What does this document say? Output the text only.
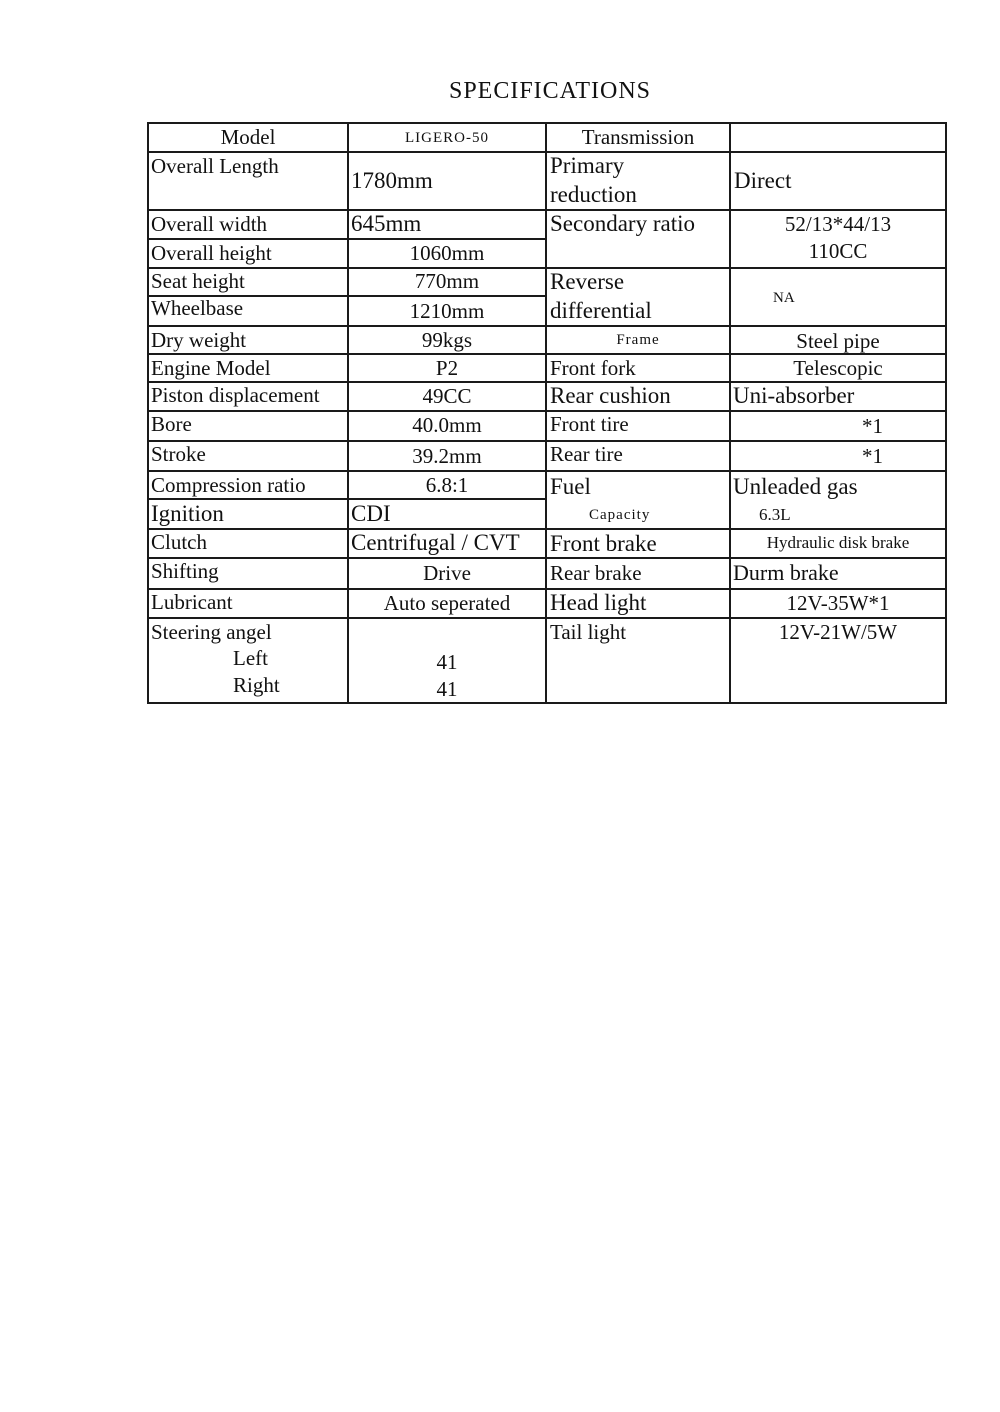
SPECIFICATIONS
Model
Overall Length
Overall width
Overall height
Seat height
Wheelbase
Dry weight
Engine Model
Piston displacement
Bore
Stroke
Compression ratio
Ignition
Clutch
Shifting
Lubricant
Steering angel
Left
Right
LIGERO-50
1780mm
645mm
1060mm
770mm
1210mm
99kgs
P2
49CC
40.0mm
39.2mm
6.8:1
CDI
Centrifugal / CVT
Drive
Auto seperated
41
41
Transmission
Primary
reduction
Secondary ratio
Reverse
differential
Frame
Front fork
Rear cushion
Front tire
Rear tire
Fuel
Capacity
Front brake
Rear brake
Head light
Tail light
Direct
52/13*44/13
110CC
NA
Steel pipe
Telescopic
Uni-absorber
*1
*1
Unleaded gas
6.3L
Hydraulic disk brake
Durm brake
12V-35W*1
12V-21W/5W
